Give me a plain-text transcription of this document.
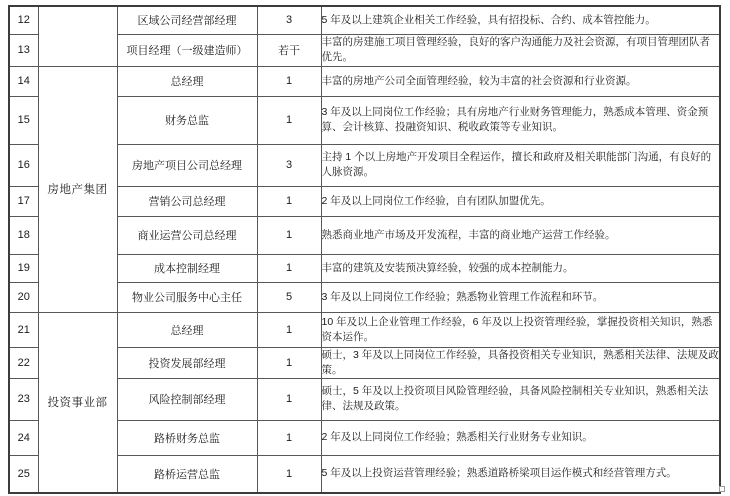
12		区域公司经营部经理	3	5 年及以上建筑企业相关工作经验，具有招投标、合约、成本管控能力。
13		项目经理（一级建造师）	若干	丰富的房建施工项目管理经验，良好的客户沟通能力及社会资源，有项目管理团队者优先。
14	房地产集团	总经理	1	丰富的房地产公司全面管理经验，较为丰富的社会资源和行业资源。
15		财务总监	1	3 年及以上同岗位工作经验；具有房地产行业财务管理能力，熟悉成本管理、资金预算、会计核算、投融资知识、税收政策等专业知识。
16		房地产项目公司总经理	3	主持 1 个以上房地产开发项目全程运作，擅长和政府及相关职能部门沟通，有良好的人脉资源。
17		营销公司总经理	1	2 年及以上同岗位工作经验，自有团队加盟优先。
18		商业运营公司总经理	1	熟悉商业地产市场及开发流程，丰富的商业地产运营工作经验。
19		成本控制经理	1	丰富的建筑及安装预决算经验，较强的成本控制能力。
20		物业公司服务中心主任	5	3 年及以上同岗位工作经验；熟悉物业管理工作流程和环节。
21	投资事业部	总经理	1	10 年及以上企业管理工作经验，6 年及以上投资管理经验，掌握投资相关知识，熟悉资本运作。
22		投资发展部经理	1	硕士，3 年及以上同岗位工作经验，具备投资相关专业知识，熟悉相关法律、法规及政策。
23		风险控制部经理	1	硕士，5 年及以上投资项目风险管理经验，具备风险控制相关专业知识，熟悉相关法律、法规及政策。
24		路桥财务总监	1	2 年及以上同岗位工作经验；熟悉相关行业财务专业知识。
25		路桥运营总监	1	5 年及以上投资运营管理经验；熟悉道路桥梁项目运作模式和经营管理方式。
